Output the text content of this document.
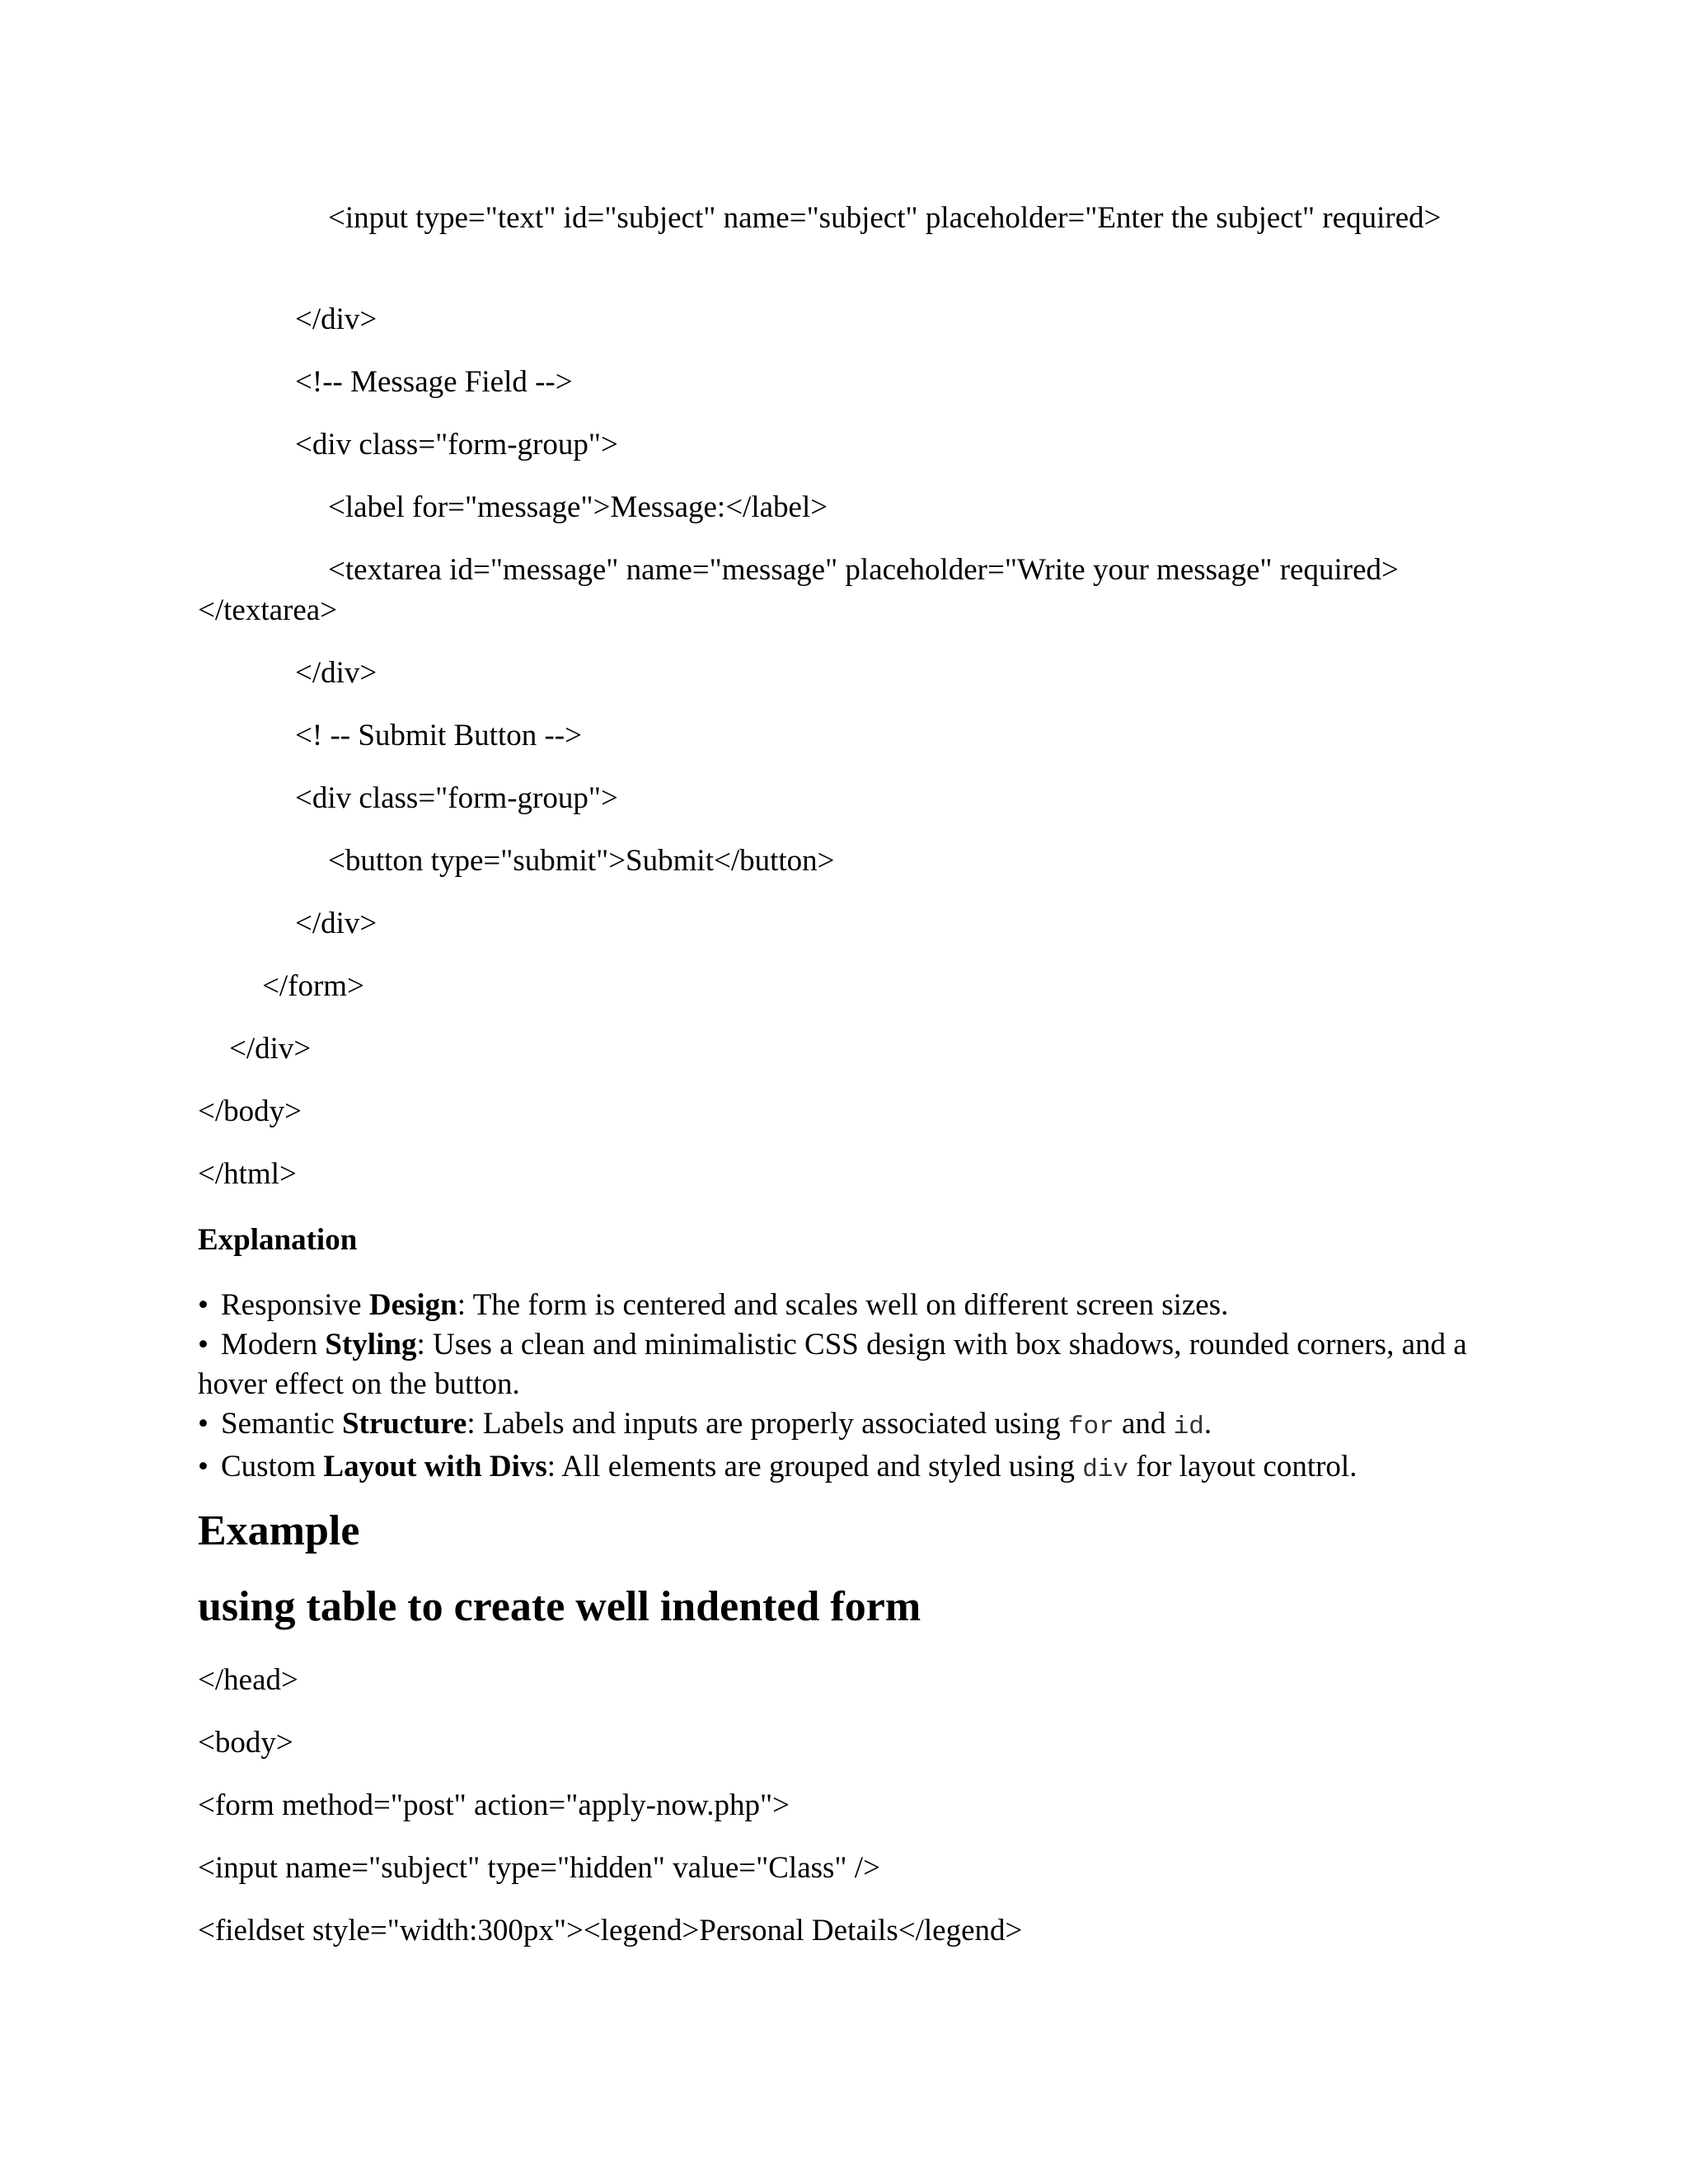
<input type="text" id="subject" name="subject" placeholder="Enter the subject" required>
</div>
<!-- Message Field -->
<div class="form-group">
<label for="message">Message:</label>
<textarea id="message" name="message" placeholder="Write your message" required></textarea>
</div>
<! -- Submit Button -->
<div class="form-group">
<button type="submit">Submit</button>
</div>
</form>
</div>
</body>
</html>
Explanation

• Responsive Design: The form is centered and scales well on different screen sizes.

• Modern Styling: Uses a clean and minimalistic CSS design with box shadows, rounded corners, and a hover effect on the button.

• Semantic Structure: Labels and inputs are properly associated using for and id.

• Custom Layout with Divs: All elements are grouped and styled using div for layout control.

Example
using table to create well indented form
</head>
<body>
<form method="post" action="apply-now.php">
<input name="subject" type="hidden" value="Class" />
<fieldset style="width:300px"><legend>Personal Details</legend>
